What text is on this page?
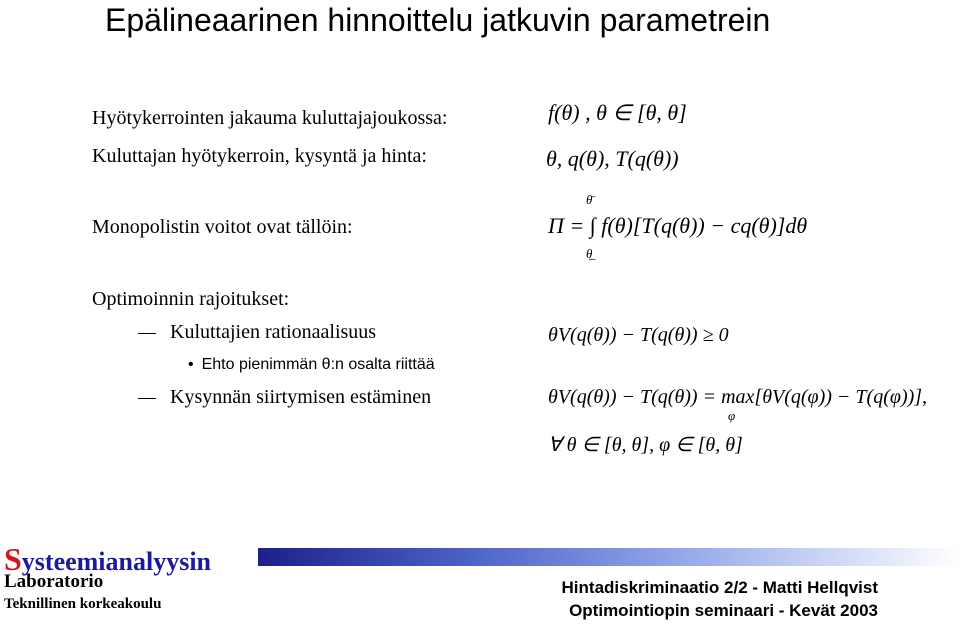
Epälineaarinen hinnoittelu jatkuvin parametrein
Hyötykerrointen jakauma kuluttajajoukossa:
Kuluttajan hyötykerroin, kysyntä ja hinta:
Monopolistin voitot ovat tällöin:
Optimoinnin rajoitukset:
Kuluttajien rationaalisuus
• Ehto pienimmän θ:n osalta riittää
Kysynnän siirtymisen estäminen
f(θ) , θ ∈ [θ, θ]
θ, q(θ), T(q(θ))
θ̄
Π = ∫ f(θ)[T(q(θ)) − cq(θ)]dθ
θ̲
θV(q(θ)) − T(q(θ)) ≥ 0
θV(q(θ)) − T(q(θ)) = max[θV(q(φ)) − T(q(φ))],
φ
∀ θ ∈ [θ, θ], φ ∈ [θ, θ]
Systeemianalyysin
Laboratorio
Teknillinen korkeakoulu
Hintadiskriminaatio 2/2 - Matti Hellqvist
Optimointiopin seminaari - Kevät 2003
